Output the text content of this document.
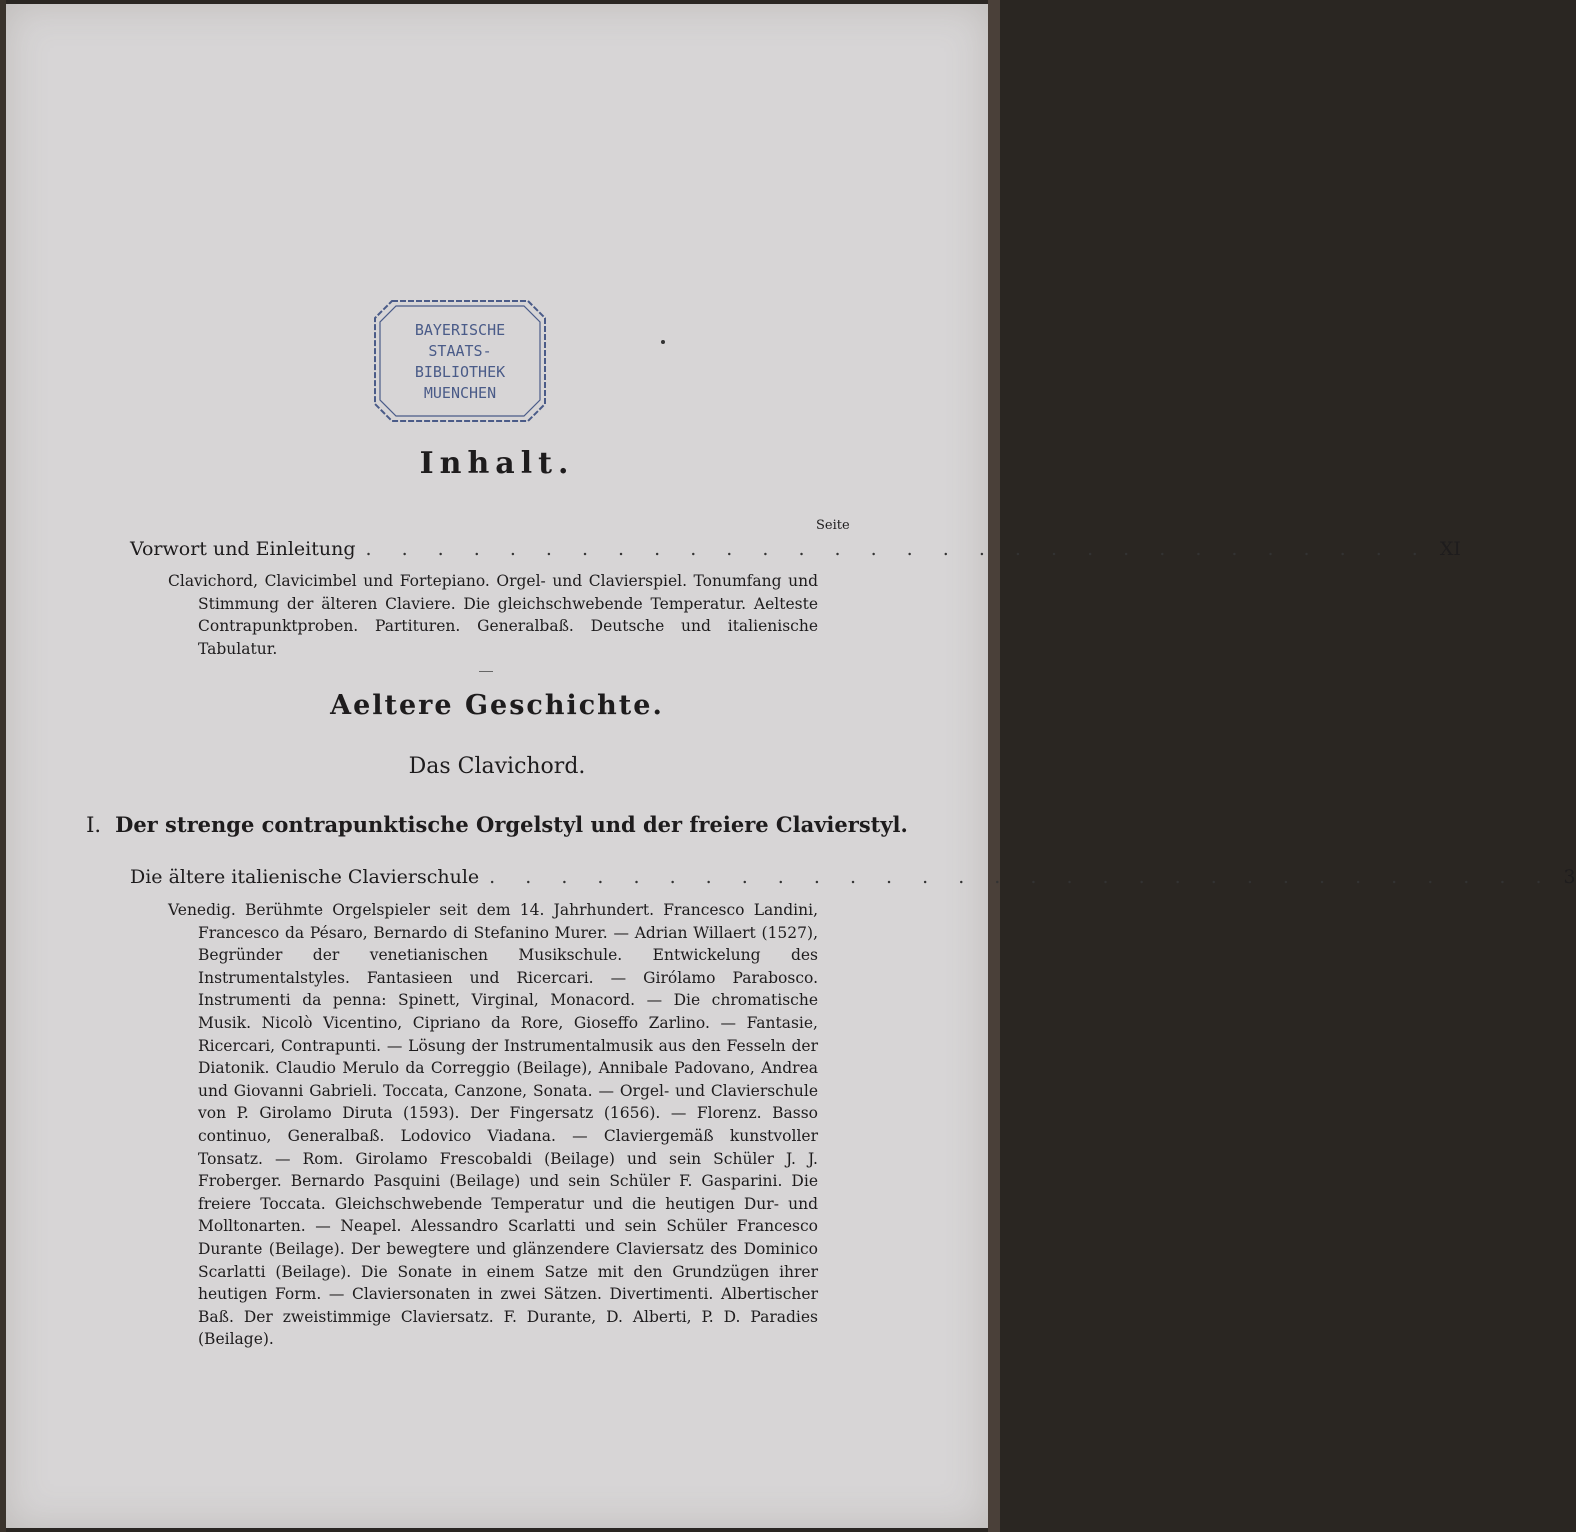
BAYERISCHE
STAATS-
BIBLIOTHEK
MUENCHEN
Inhalt.
Seite
Vorwort und Einleitung . . . . . . . . . . . . . . . . . . . . . . . . . . . . . . XI

Clavichord, Clavicimbel und Fortepiano. Orgel- und Clavierspiel. Tonumfang und Stimmung der älteren Claviere. Die gleichschwebende Temperatur. Aelteste Contrapunktproben. Partituren. Generalbaß. Deutsche und italienische Tabulatur.

Aeltere Geschichte.
Das Clavichord.
I. Der strenge contrapunktische Orgelstyl und der freiere Clavierstyl.
Die ältere italienische Clavierschule . . . . . . . . . . . . . . . . . . . . . . . . . . . . . . 3

Venedig. Berühmte Orgelspieler seit dem 14. Jahrhundert. Francesco Landini, Francesco da Pésaro, Bernardo di Stefanino Murer. — Adrian Willaert (1527), Begründer der venetianischen Musikschule. Entwickelung des Instrumentalstyles. Fantasieen und Ricercari. — Girólamo Parabosco. Instrumenti da penna: Spinett, Virginal, Monacord. — Die chromatische Musik. Nicolò Vicentino, Cipriano da Rore, Gioseffo Zarlino. — Fantasie, Ricercari, Contrapunti. — Lösung der Instrumentalmusik aus den Fesseln der Diatonik. Claudio Merulo da Correggio (Beilage), Annibale Padovano, Andrea und Giovanni Gabrieli. Toccata, Canzone, Sonata. — Orgel- und Clavierschule von P. Girolamo Diruta (1593). Der Fingersatz (1656). — Florenz. Basso continuo, Generalbaß. Lodovico Viadana. — Claviergemäß kunstvoller Tonsatz. — Rom. Girolamo Frescobaldi (Beilage) und sein Schüler J. J. Froberger. Bernardo Pasquini (Beilage) und sein Schüler F. Gasparini. Die freiere Toccata. Gleichschwebende Temperatur und die heutigen Dur- und Molltonarten. — Neapel. Alessandro Scarlatti und sein Schüler Francesco Durante (Beilage). Der bewegtere und glänzendere Claviersatz des Dominico Scarlatti (Beilage). Die Sonate in einem Satze mit den Grundzügen ihrer heutigen Form. — Claviersonaten in zwei Sätzen. Divertimenti. Albertischer Baß. Der zweistimmige Claviersatz. F. Durante, D. Alberti, P. D. Paradies (Beilage).
